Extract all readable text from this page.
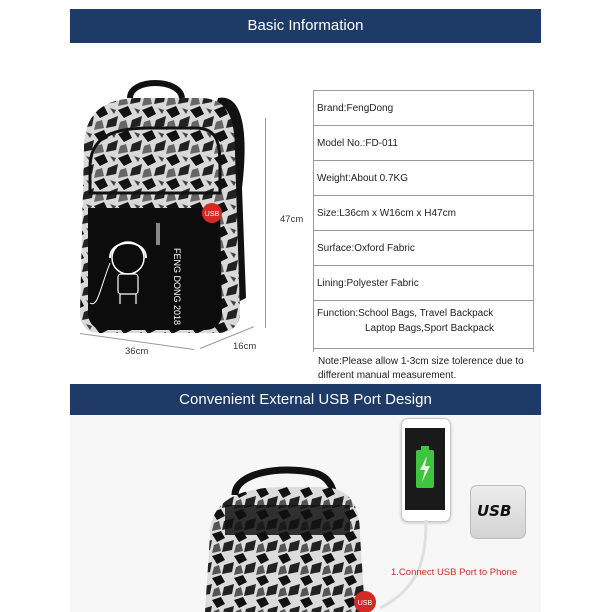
Basic Information
USB
FENG DONG 2018
47cm
36cm	16cm
Brand:FengDong
Model No.:FD-011
Weight:About 0.7KG
Size:L36cm x W16cm x H47cm
Surface:Oxford Fabric
Lining:Polyester Fabric

Function:School Bags, Travel Backpack
Laptop Bags,Sport Backpack
Note:Please allow 1-3cm size tolerence due to different manual measurement.
Convenient External USB Port Design
USB
USB
1.Connect USB Port to Phone
